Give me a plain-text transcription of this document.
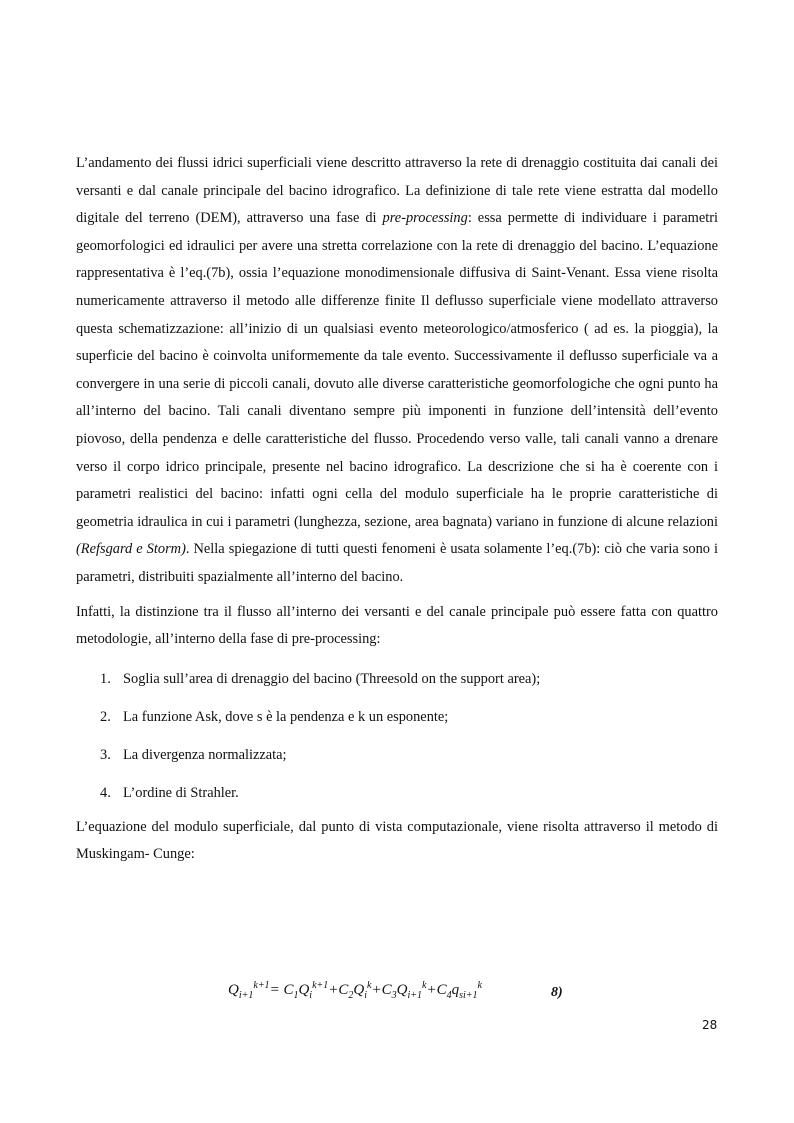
L’andamento dei flussi idrici superficiali viene descritto attraverso la rete di drenaggio costituita dai canali dei versanti e dal canale principale del bacino idrografico. La definizione di tale rete viene estratta dal modello digitale del terreno (DEM), attraverso una fase di pre-processing: essa permette di individuare i parametri geomorfologici ed idraulici per avere una stretta correlazione con la rete di drenaggio del bacino. L’equazione rappresentativa è l’eq.(7b), ossia l’equazione monodimensionale diffusiva di Saint-Venant. Essa viene risolta numericamente attraverso il metodo alle differenze finite Il deflusso superficiale viene modellato attraverso questa schematizzazione: all’inizio di un qualsiasi evento meteorologico/atmosferico ( ad es. la pioggia), la superficie del bacino è coinvolta uniformemente da tale evento. Successivamente il deflusso superficiale va a convergere in una serie di piccoli canali, dovuto alle diverse caratteristiche geomorfologiche che ogni punto ha all’interno del bacino. Tali canali diventano sempre più imponenti in funzione dell’intensità dell’evento piovoso, della pendenza e delle caratteristiche del flusso. Procedendo verso valle, tali canali vanno a drenare verso il corpo idrico principale, presente nel bacino idrografico. La descrizione che si ha è coerente con i parametri realistici del bacino: infatti ogni cella del modulo superficiale ha le proprie caratteristiche di geometria idraulica in cui i parametri (lunghezza, sezione, area bagnata) variano in funzione di alcune relazioni (Refsgard e Storm). Nella spiegazione di tutti questi fenomeni è usata solamente l’eq.(7b): ciò che varia sono i parametri, distribuiti spazialmente all’interno del bacino.

Infatti, la distinzione tra il flusso all’interno dei versanti e del canale principale può essere fatta con quattro metodologie, all’interno della fase di pre-processing:

1. Soglia sull’area di drenaggio del bacino (Threesold on the support area);
2. La funzione Ask, dove s è la pendenza e k un esponente;
3. La divergenza normalizzata;
4. L’ordine di Strahler.

L’equazione del modulo superficiale, dal punto di vista computazionale, viene risolta attraverso il metodo di Muskingam- Cunge:

$Q_{i+1}^{k+1}= C_1Q_i^{k+1}+C_2Q_i^k+C_3Q_{i+1}^k+C_4q_{si+1}^k$	8)
28
